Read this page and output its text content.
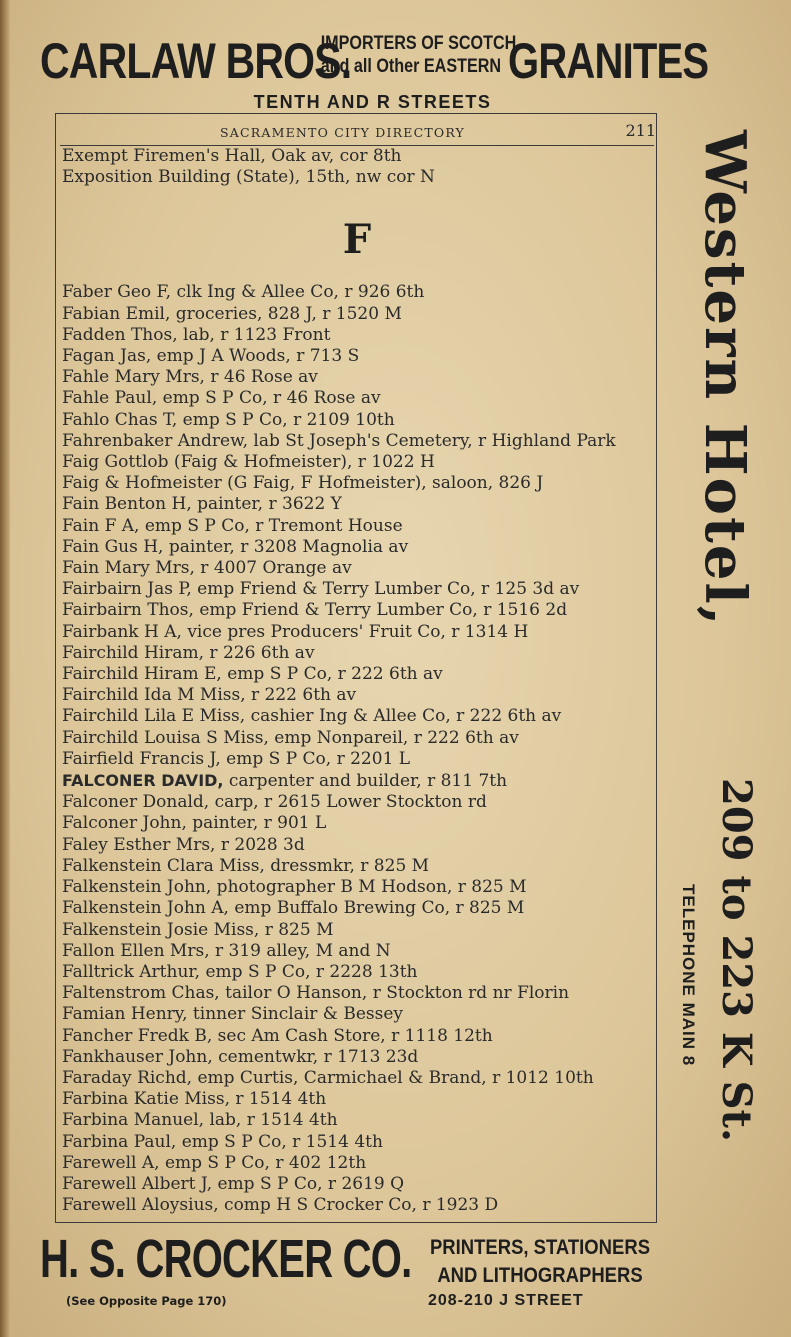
CARLAW BROS.
IMPORTERS OF SCOTCH
and all Other EASTERN GRANITES
TENTH AND R STREETS
SACRAMENTO CITY DIRECTORY	211
Exempt Firemen's Hall, Oak av, cor 8th
Exposition Building (State), 15th, nw cor N
F
Faber Geo F, clk Ing & Allee Co, r 926 6th
Fabian Emil, groceries, 828 J, r 1520 M
Fadden Thos, lab, r 1123 Front
Fagan Jas, emp J A Woods, r 713 S
Fahle Mary Mrs, r 46 Rose av
Fahle Paul, emp S P Co, r 46 Rose av
Fahlo Chas T, emp S P Co, r 2109 10th
Fahrenbaker Andrew, lab St Joseph's Cemetery, r Highland Park
Faig Gottlob (Faig & Hofmeister), r 1022 H
Faig & Hofmeister (G Faig, F Hofmeister), saloon, 826 J
Fain Benton H, painter, r 3622 Y
Fain F A, emp S P Co, r Tremont House
Fain Gus H, painter, r 3208 Magnolia av
Fain Mary Mrs, r 4007 Orange av
Fairbairn Jas P, emp Friend & Terry Lumber Co, r 125 3d av
Fairbairn Thos, emp Friend & Terry Lumber Co, r 1516 2d
Fairbank H A, vice pres Producers' Fruit Co, r 1314 H
Fairchild Hiram, r 226 6th av
Fairchild Hiram E, emp S P Co, r 222 6th av
Fairchild Ida M Miss, r 222 6th av
Fairchild Lila E Miss, cashier Ing & Allee Co, r 222 6th av
Fairchild Louisa S Miss, emp Nonpareil, r 222 6th av
Fairfield Francis J, emp S P Co, r 2201 L
FALCONER DAVID, carpenter and builder, r 811 7th
Falconer Donald, carp, r 2615 Lower Stockton rd
Falconer John, painter, r 901 L
Faley Esther Mrs, r 2028 3d
Falkenstein Clara Miss, dressmkr, r 825 M
Falkenstein John, photographer B M Hodson, r 825 M
Falkenstein John A, emp Buffalo Brewing Co, r 825 M
Falkenstein Josie Miss, r 825 M
Fallon Ellen Mrs, r 319 alley, M and N
Falltrick Arthur, emp S P Co, r 2228 13th
Faltenstrom Chas, tailor O Hanson, r Stockton rd nr Florin
Famian Henry, tinner Sinclair & Bessey
Fancher Fredk B, sec Am Cash Store, r 1118 12th
Fankhauser John, cementwkr, r 1713 23d
Faraday Richd, emp Curtis, Carmichael & Brand, r 1012 10th
Farbina Katie Miss, r 1514 4th
Farbina Manuel, lab, r 1514 4th
Farbina Paul, emp S P Co, r 1514 4th
Farewell A, emp S P Co, r 402 12th
Farewell Albert J, emp S P Co, r 2619 Q
Farewell Aloysius, comp H S Crocker Co, r 1923 D
Western Hotel,
209 to 223 K St.
TELEPHONE MAIN 8
H. S. CROCKER CO. PRINTERS, STATIONERS
AND LITHOGRAPHERS
(See Opposite Page 170)	208-210 J STREET
